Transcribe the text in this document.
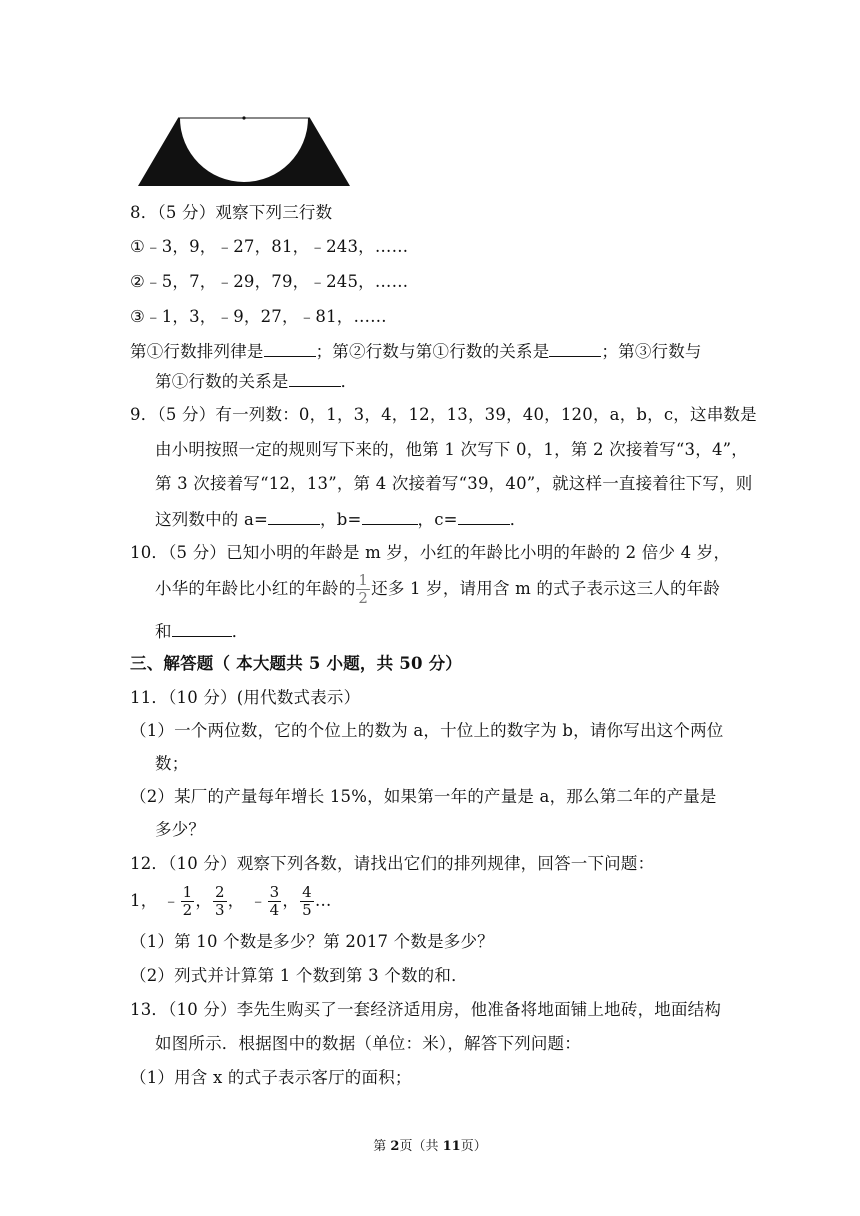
8．（5 分）观察下列三行数
①﹣3，9，﹣27，81，﹣243，……
②﹣5，7，﹣29，79，﹣245，……
③﹣1，3，﹣9，27，﹣81，……
第①行数排列律是	；第②行数与第①行数的关系是	；第③行数与
第①行数的关系是	．
9．（5 分）有一列数：0，1，3，4，12，13，39，40，120，a，b，c，这串数是
由小明按照一定的规则写下来的，他第 1 次写下 0，1，第 2 次接着写“3，4”，
第 3 次接着写“12，13”，第 4 次接着写“39，40”，就这样一直接着往下写，则
这列数中的 a=	，b=	，c=	．
10．（5 分）已知小明的年龄是 m 岁，小红的年龄比小明的年龄的 2 倍少 4 岁，
小华的年龄比小红的年龄的 $\frac{1}{2}$ 还多 1 岁，请用含 m 的式子表示这三人的年龄
和	．
三、解答题（ 本大题共 5 小题，共 50 分）
11．（10 分）(用代数式表示）
（1）一个两位数，它的个位上的数为 a，十位上的数字为 b，请你写出这个两位
数；
（2）某厂的产量每年增长 15%，如果第一年的产量是 a，那么第二年的产量是
多少？
12．（10 分）观察下列各数，请找出它们的排列规律，回答一下问题：
1， ﹣ $\frac{1}{2}$ ， $\frac{2}{3}$ ， ﹣ $\frac{3}{4}$ ， $\frac{4}{5}$ …
（1）第 10 个数是多少？第 2017 个数是多少？
（2）列式并计算第 1 个数到第 3 个数的和．
13．（10 分）李先生购买了一套经济适用房，他准备将地面铺上地砖，地面结构
如图所示．根据图中的数据（单位：米），解答下列问题：
（1）用含 x 的式子表示客厅的面积；
第 2页（共 11页）
